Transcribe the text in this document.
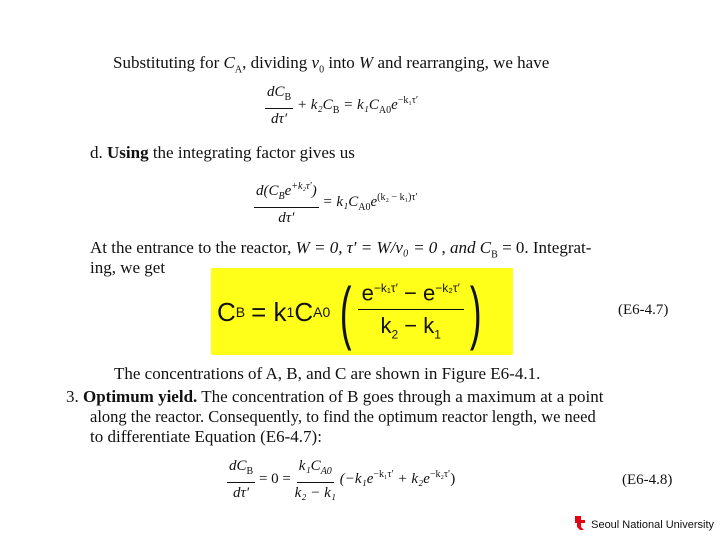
Substituting for $C_A$, dividing $v_0$ into W and rearranging, we have
$\frac{dC_B}{d\tau'} + k_2C_B = k_1C_{A0}e^{-k_1\tau'}$
d. Using the integrating factor gives us
$\frac{d(C_Be^{+k_2\tau'})}{d\tau'} = k_1C_{A0}e^{(k_2 - k_1)\tau'}$
At the entrance to the reactor, W = 0, τ′ = W/v₀ = 0 , and $C_B = 0$. Integrat-
ing, we get
C B = k 1 C A0 ( $\frac{e^{-k_1\tau'} - e^{-k_2\tau'}}{k_2 - k_1}$ )	(E6-4.7)
The concentrations of A, B, and C are shown in Figure E6-4.1.
3. Optimum yield. The concentration of B goes through a maximum at a point
along the reactor. Consequently, to find the optimum reactor length, we need
to differentiate Equation (E6-4.7):
$\frac{dC_B}{d\tau'} = 0 = \frac{k_1C_{A0}}{\text{k₂ − k₁}} (-k_1e^{-k_1\tau'} + k_2e^{-k_2\tau'})$	(E6-4.8)
Seoul National University
